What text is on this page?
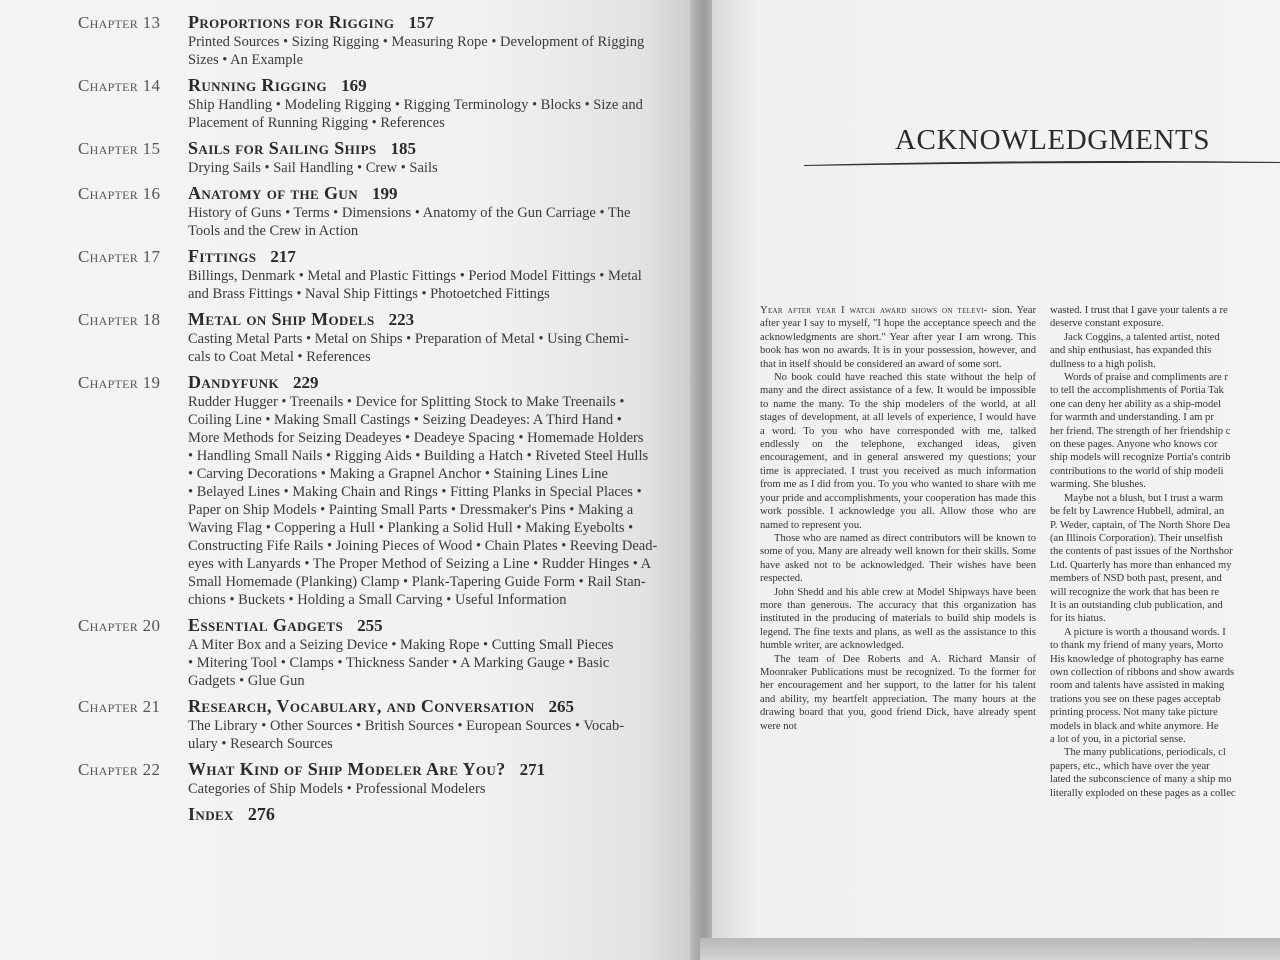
Chapter 13	Proportions for Rigging 157
Printed Sources • Sizing Rigging • Measuring Rope • Development of Rigging
Sizes • An Example
Chapter 14	Running Rigging 169
Ship Handling • Modeling Rigging • Rigging Terminology • Blocks • Size and
Placement of Running Rigging • References
Chapter 15	Sails for Sailing Ships 185
Drying Sails • Sail Handling • Crew • Sails
Chapter 16	Anatomy of the Gun 199
History of Guns • Terms • Dimensions • Anatomy of the Gun Carriage • The
Tools and the Crew in Action
Chapter 17	Fittings 217
Billings, Denmark • Metal and Plastic Fittings • Period Model Fittings • Metal
and Brass Fittings • Naval Ship Fittings • Photoetched Fittings
Chapter 18	Metal on Ship Models 223
Casting Metal Parts • Metal on Ships • Preparation of Metal • Using Chemi-
cals to Coat Metal • References
Chapter 19	Dandyfunk 229
Rudder Hugger • Treenails • Device for Splitting Stock to Make Treenails •
Coiling Line • Making Small Castings • Seizing Deadeyes: A Third Hand •
More Methods for Seizing Deadeyes • Deadeye Spacing • Homemade Holders
• Handling Small Nails • Rigging Aids • Building a Hatch • Riveted Steel Hulls
• Carving Decorations • Making a Grapnel Anchor • Staining Lines Line
• Belayed Lines • Making Chain and Rings • Fitting Planks in Special Places •
Paper on Ship Models • Painting Small Parts • Dressmaker's Pins • Making a
Waving Flag • Coppering a Hull • Planking a Solid Hull • Making Eyebolts •
Constructing Fife Rails • Joining Pieces of Wood • Chain Plates • Reeving Dead-
eyes with Lanyards • The Proper Method of Seizing a Line • Rudder Hinges • A
Small Homemade (Planking) Clamp • Plank-Tapering Guide Form • Rail Stan-
chions • Buckets • Holding a Small Carving • Useful Information
Chapter 20	Essential Gadgets 255
A Miter Box and a Seizing Device • Making Rope • Cutting Small Pieces
• Mitering Tool • Clamps • Thickness Sander • A Marking Gauge • Basic
Gadgets • Glue Gun
Chapter 21	Research, Vocabulary, and Conversation 265
The Library • Other Sources • British Sources • European Sources • Vocab-
ulary • Research Sources
Chapter 22	What Kind of Ship Modeler Are You? 271
Categories of Ship Models • Professional Modelers
Index 276
ACKNOWLEDGMENTS

Year after year I watch award shows on televi- sion. Year after year I say to myself, "I hope the acceptance speech and the acknowledgments are short." Year after year I am wrong. This book has won no awards. It is in your possession, however, and that in itself should be considered an award of some sort.

No book could have reached this state without the help of many and the direct assistance of a few. It would be impossible to name the many. To the ship modelers of the world, at all stages of development, at all levels of experience, I would have a word. To you who have corresponded with me, talked endlessly on the telephone, exchanged ideas, given encouragement, and in general answered my questions; your time is appreciated. I trust you received as much information from me as I did from you. To you who wanted to share with me your pride and accomplishments, your cooperation has made this work possible. I acknowledge you all. Allow those who are named to represent you.

Those who are named as direct contributors will be known to some of you. Many are already well known for their skills. Some have asked not to be acknowledged. Their wishes have been respected.

John Shedd and his able crew at Model Shipways have been more than generous. The accuracy that this organization has instituted in the producing of materials to build ship models is legend. The fine texts and plans, as well as the assistance to this humble writer, are acknowledged.

The team of Dee Roberts and A. Richard Mansir of Moonraker Publications must be recognized. To the former for her encouragement and her support, to the latter for his talent and ability, my heartfelt appreciation. The many hours at the drawing board that you, good friend Dick, have already spent were not

wasted. I trust that I gave your talents a re

deserve constant exposure.

Jack Coggins, a talented artist, noted

and ship enthusiast, has expanded this
dullness to a high polish.

Words of praise and compliments are r

to tell the accomplishments of Portia Tak
one can deny her ability as a ship-model
for warmth and understanding. I am pr
her friend. The strength of her friendship c
on these pages. Anyone who knows cor
ship models will recognize Portia's contrib
contributions to the world of ship modeli
warming. She blushes.

Maybe not a blush, but I trust a warm

be felt by Lawrence Hubbell, admiral, an
P. Weder, captain, of The North Shore Dea
(an Illinois Corporation). Their unselfish
the contents of past issues of the Northshor
Ltd. Quarterly has more than enhanced my
members of NSD both past, present, and
will recognize the work that has been re
It is an outstanding club publication, and
for its hiatus.

A picture is worth a thousand words. I

to thank my friend of many years, Morto
His knowledge of photography has earne
own collection of ribbons and show awards
room and talents have assisted in making
trations you see on these pages acceptab
printing process. Not many take picture
models in black and white anymore. He
a lot of you, in a pictorial sense.

The many publications, periodicals, cl

papers, etc., which have over the year
lated the subconscience of many a ship mo
literally exploded on these pages as a collec
